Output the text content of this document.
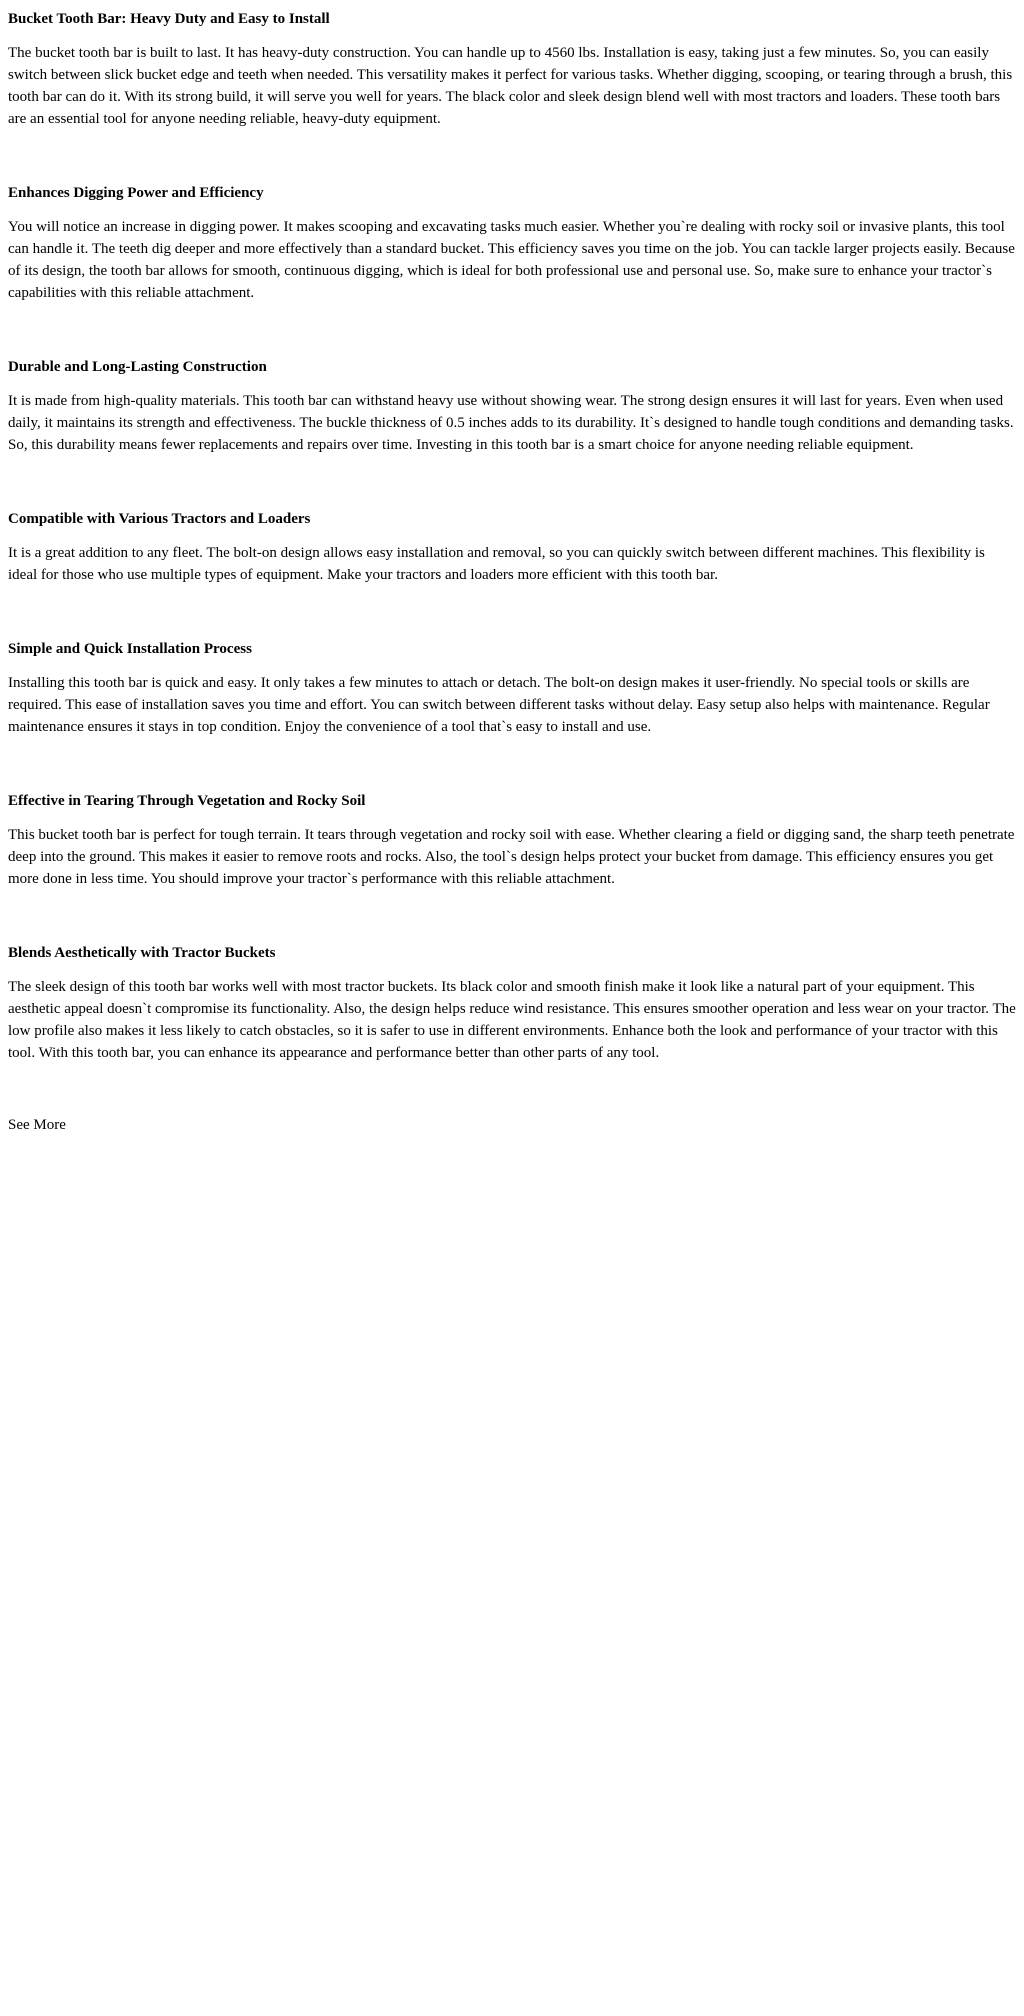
Bucket Tooth Bar: Heavy Duty and Easy to Install

The bucket tooth bar is built to last. It has heavy-duty construction. You can handle up to 4560 lbs. Installation is easy, taking just a few minutes. So, you can easily switch between slick bucket edge and teeth when needed. This versatility makes it perfect for various tasks. Whether digging, scooping, or tearing through a brush, this tooth bar can do it. With its strong build, it will serve you well for years. The black color and sleek design blend well with most tractors and loaders. These tooth bars are an essential tool for anyone needing reliable, heavy-duty equipment.

Enhances Digging Power and Efficiency

You will notice an increase in digging power. It makes scooping and excavating tasks much easier. Whether you`re dealing with rocky soil or invasive plants, this tool can handle it. The teeth dig deeper and more effectively than a standard bucket. This efficiency saves you time on the job. You can tackle larger projects easily. Because of its design, the tooth bar allows for smooth, continuous digging, which is ideal for both professional use and personal use. So, make sure to enhance your tractor`s capabilities with this reliable attachment.

Durable and Long-Lasting Construction

It is made from high-quality materials. This tooth bar can withstand heavy use without showing wear. The strong design ensures it will last for years. Even when used daily, it maintains its strength and effectiveness. The buckle thickness of 0.5 inches adds to its durability. It`s designed to handle tough conditions and demanding tasks. So, this durability means fewer replacements and repairs over time. Investing in this tooth bar is a smart choice for anyone needing reliable equipment.

Compatible with Various Tractors and Loaders

It is a great addition to any fleet. The bolt-on design allows easy installation and removal, so you can quickly switch between different machines. This flexibility is ideal for those who use multiple types of equipment. Make your tractors and loaders more efficient with this tooth bar.

Simple and Quick Installation Process

Installing this tooth bar is quick and easy. It only takes a few minutes to attach or detach. The bolt-on design makes it user-friendly. No special tools or skills are required. This ease of installation saves you time and effort. You can switch between different tasks without delay. Easy setup also helps with maintenance. Regular maintenance ensures it stays in top condition. Enjoy the convenience of a tool that`s easy to install and use.

Effective in Tearing Through Vegetation and Rocky Soil

This bucket tooth bar is perfect for tough terrain. It tears through vegetation and rocky soil with ease. Whether clearing a field or digging sand, the sharp teeth penetrate deep into the ground. This makes it easier to remove roots and rocks. Also, the tool`s design helps protect your bucket from damage. This efficiency ensures you get more done in less time. You should improve your tractor`s performance with this reliable attachment.

Blends Aesthetically with Tractor Buckets

The sleek design of this tooth bar works well with most tractor buckets. Its black color and smooth finish make it look like a natural part of your equipment. This aesthetic appeal doesn`t compromise its functionality. Also, the design helps reduce wind resistance. This ensures smoother operation and less wear on your tractor. The low profile also makes it less likely to catch obstacles, so it is safer to use in different environments. Enhance both the look and performance of your tractor with this tool. With this tooth bar, you can enhance its appearance and performance better than other parts of any tool.

See More
